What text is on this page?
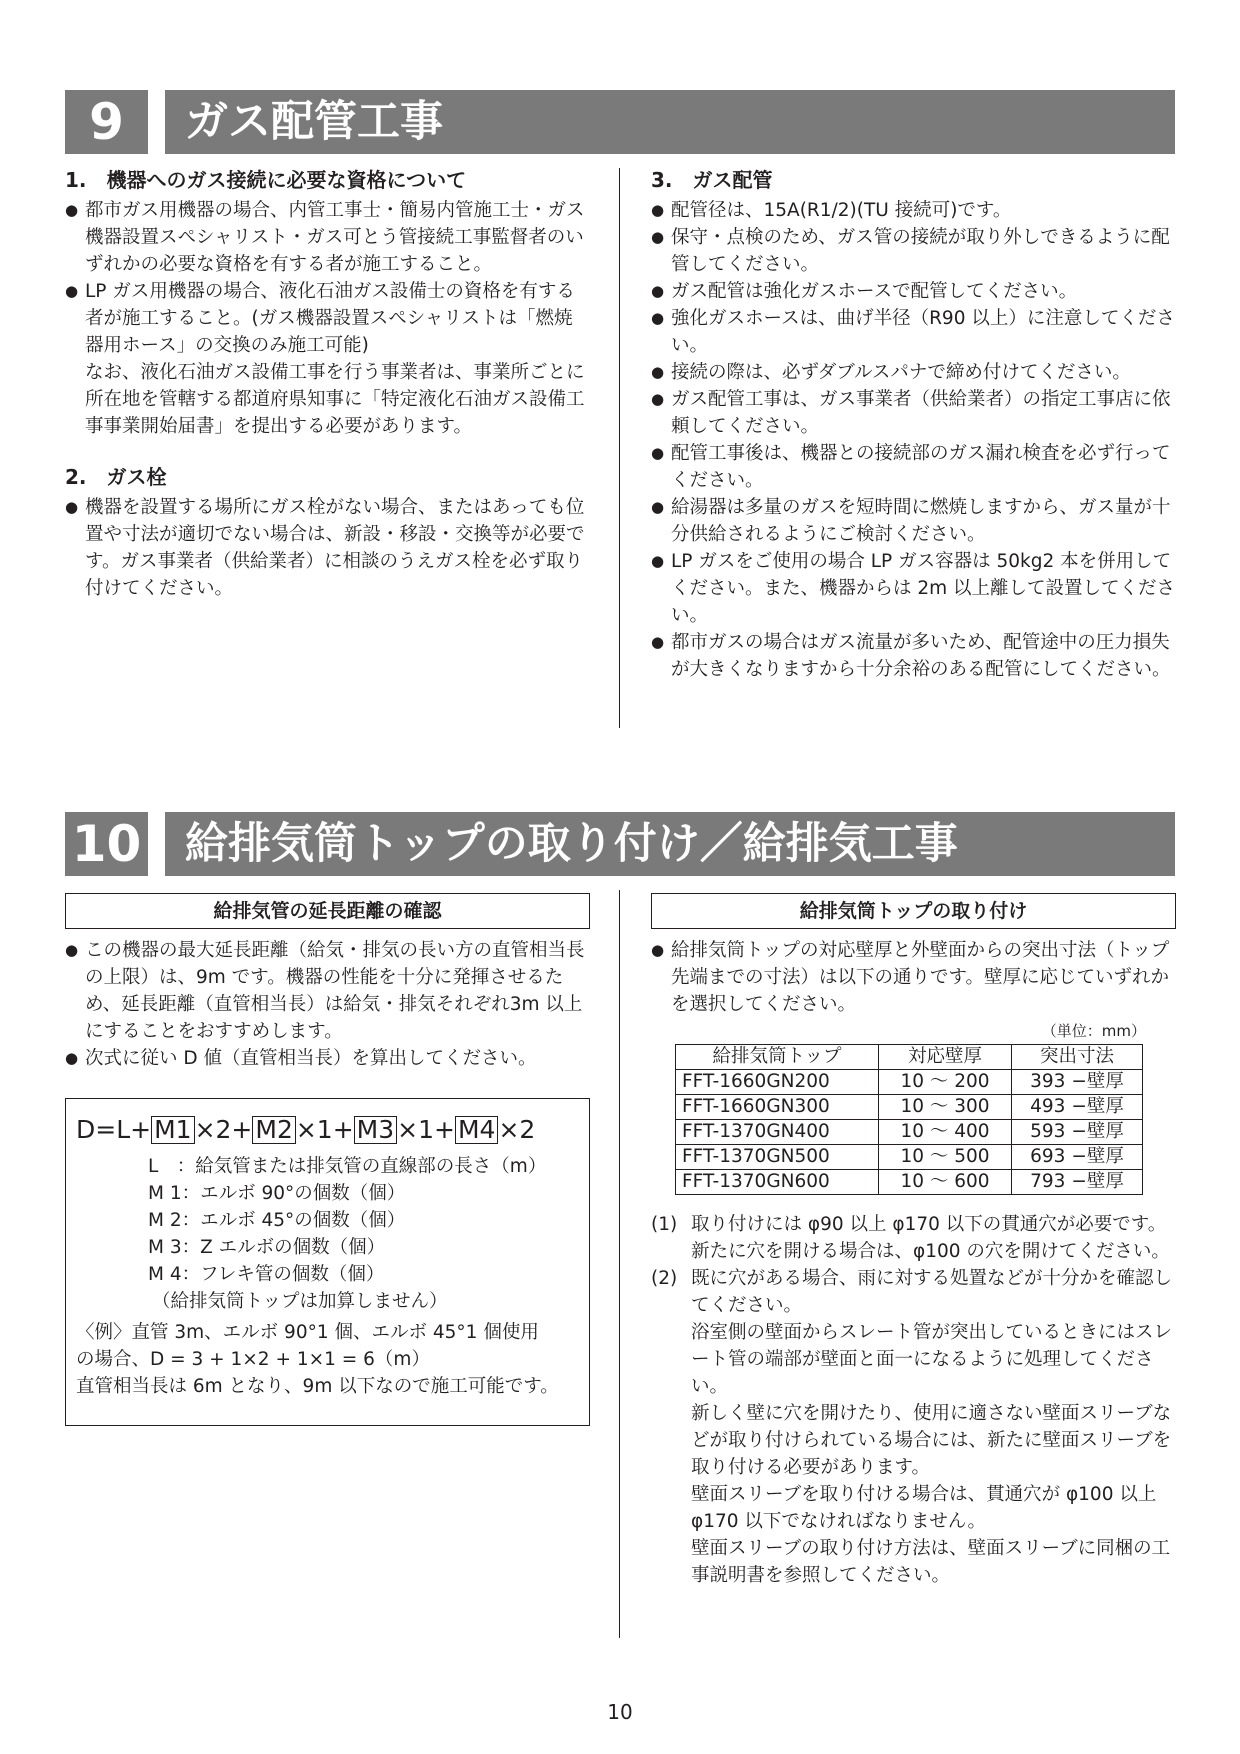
9	ガス配管工事
1.　機器へのガス接続に必要な資格について

● 都市ガス用機器の場合、内管工事士・簡易内管施工士・ガス機器設置スペシャリスト・ガス可とう管接続工事監督者のいずれかの必要な資格を有する者が施工すること。

● LP ガス用機器の場合、液化石油ガス設備士の資格を有する者が施工すること。(ガス機器設置スペシャリストは「燃焼器用ホース」の交換のみ施工可能)

なお、液化石油ガス設備工事を行う事業者は、事業所ごとに所在地を管轄する都道府県知事に「特定液化石油ガス設備工事事業開始届書」を提出する必要があります。

2.　ガス栓

● 機器を設置する場所にガス栓がない場合、またはあっても位置や寸法が適切でない場合は、新設・移設・交換等が必要です。ガス事業者（供給業者）に相談のうえガス栓を必ず取り付けてください。

3.　ガス配管

● 配管径は、15A(R1/2)(TU 接続可)です。

● 保守・点検のため、ガス管の接続が取り外しできるように配管してください。

● ガス配管は強化ガスホースで配管してください。

● 強化ガスホースは、曲げ半径（R90 以上）に注意してください。

● 接続の際は、必ずダブルスパナで締め付けてください。

● ガス配管工事は、ガス事業者（供給業者）の指定工事店に依頼してください。

● 配管工事後は、機器との接続部のガス漏れ検査を必ず行ってください。

● 給湯器は多量のガスを短時間に燃焼しますから、ガス量が十分供給されるようにご検討ください。

● LP ガスをご使用の場合 LP ガス容器は 50kg2 本を併用してください。また、機器からは 2m 以上離して設置してください。

● 都市ガスの場合はガス流量が多いため、配管途中の圧力損失が大きくなりますから十分余裕のある配管にしてください。

10	給排気筒トップの取り付け／給排気工事
給排気管の延長距離の確認

● この機器の最大延長距離（給気・排気の長い方の直管相当長の上限）は、9m です。機器の性能を十分に発揮させるため、延長距離（直管相当長）は給気・排気それぞれ3m 以上にすることをおすすめします。

● 次式に従い D 値（直管相当長）を算出してください。

D=L+ M1 ×2+ M2 ×1+ M3 ×1+ M4 ×2
L　：給気管または排気管の直線部の長さ（m）
M 1：エルボ 90°の個数（個）
M 2：エルボ 45°の個数（個）
M 3：Z エルボの個数（個）
M 4：フレキ管の個数（個）
（給排気筒トップは加算しません）
〈例〉直管 3m、エルボ 90°1 個、エルボ 45°1 個使用
の場合、D = 3 + 1×2 + 1×1 = 6（m）
直管相当長は 6m となり、9m 以下なので施工可能です。
給排気筒トップの取り付け

● 給排気筒トップの対応壁厚と外壁面からの突出寸法（トップ先端までの寸法）は以下の通りです。壁厚に応じていずれかを選択してください。

（単位：mm）
給排気筒トップ	対応壁厚	突出寸法
FFT-1660GN200	10 ～ 200	393 −壁厚
FFT-1660GN300	10 ～ 300	493 −壁厚
FFT-1370GN400	10 ～ 400	593 −壁厚
FFT-1370GN500	10 ～ 500	693 −壁厚
FFT-1370GN600	10 ～ 600	793 −壁厚

(1) 取り付けには φ90 以上 φ170 以下の貫通穴が必要です。新たに穴を開ける場合は、φ100 の穴を開けてください。

(2) 既に穴がある場合、雨に対する処置などが十分かを確認してください。

浴室側の壁面からスレート管が突出しているときにはスレート管の端部が壁面と面一になるように処理してください。

新しく壁に穴を開けたり、使用に適さない壁面スリーブなどが取り付けられている場合には、新たに壁面スリーブを取り付ける必要があります。

壁面スリーブを取り付ける場合は、貫通穴が φ100 以上 φ170 以下でなければなりません。

壁面スリーブの取り付け方法は、壁面スリーブに同梱の工事説明書を参照してください。

10
